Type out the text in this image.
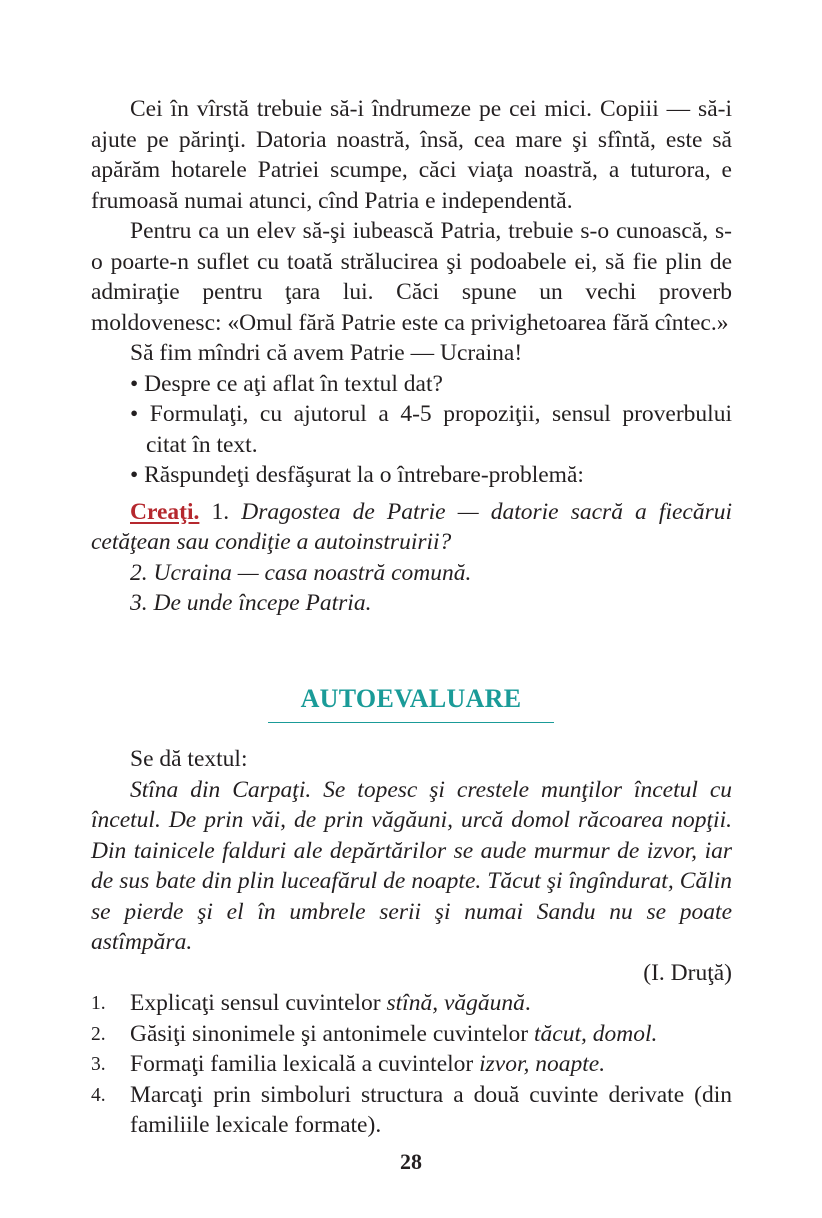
Cei în vîrstă trebuie să-i îndrumeze pe cei mici. Copiii — să-i ajute pe părinţi. Datoria noastră, însă, cea mare şi sfîntă, este să apărăm hotarele Patriei scumpe, căci viaţa noastră, a tuturora, e frumoasă numai atunci, cînd Patria e independentă.

Pentru ca un elev să-şi iubească Patria, trebuie s-o cunoască, s-o poarte-n suflet cu toată strălucirea şi podoabele ei, să fie plin de admiraţie pentru ţara lui. Căci spune un vechi proverb moldovenesc: «Omul fără Patrie este ca privighetoarea fără cîntec.»

Să fim mîndri că avem Patrie — Ucraina!

• Despre ce aţi aflat în textul dat?
• Formulaţi, cu ajutorul a 4-5 propoziţii, sensul proverbului citat în text.
• Răspundeţi desfăşurat la o întrebare-problemă:

Creaţi. 1. Dragostea de Patrie — datorie sacră a fiecărui cetăţean sau condiţie a autoinstruirii?

2. Ucraina — casa noastră comună.

3. De unde începe Patria.

AUTOEVALUARE

Se dă textul:

Stîna din Carpaţi. Se topesc şi crestele munţilor încetul cu încetul. De prin văi, de prin văgăuni, urcă domol răcoarea nopţii. Din tainicele falduri ale depărtărilor se aude murmur de izvor, iar de sus bate din plin luceafărul de noapte. Tăcut şi îngîndurat, Călin se pierde şi el în umbrele serii şi numai Sandu nu se poate astîmpăra.

(I. Druţă)

1. Explicaţi sensul cuvintelor stînă, văgăună.
2. Găsiţi sinonimele şi antonimele cuvintelor tăcut, domol.
3. Formaţi familia lexicală a cuvintelor izvor, noapte.
4. Marcaţi prin simboluri structura a două cuvinte derivate (din familiile lexicale formate).
28
